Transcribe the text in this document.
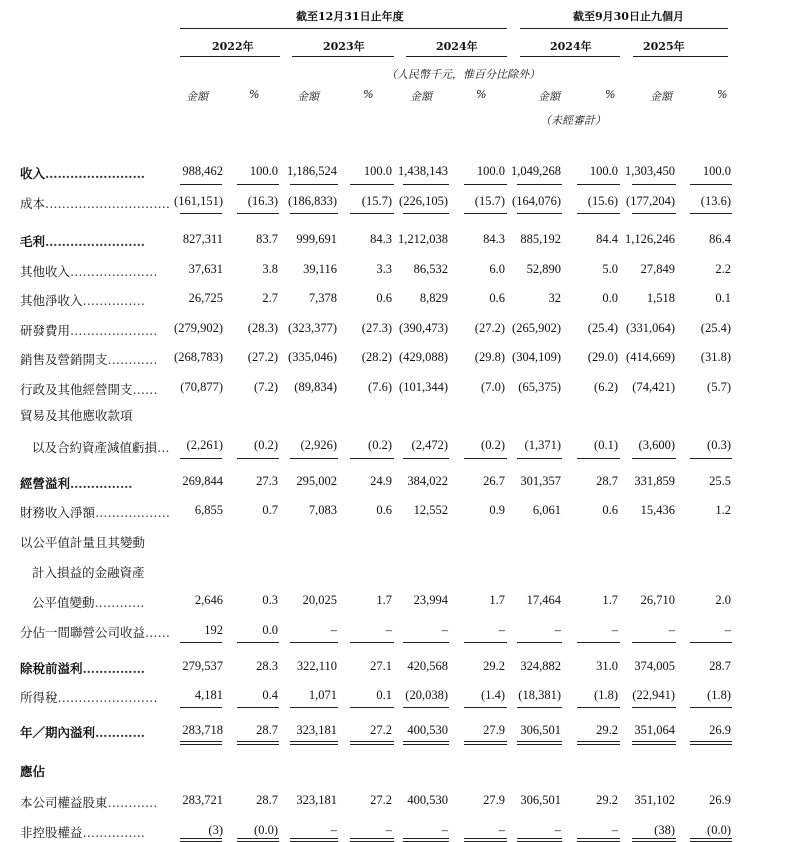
截至12月31日止年度	截至9月30日止九個月
2022年	2023年	2024年	2024年	2025年
（人民幣千元，惟百分比除外）
金額	%	金額	%	金額	%	金額	%	金額	%
（未經審計）
收入……………………	988,462 100.0 1,186,524 100.0 1,438,143 100.0 1,049,268 100.0 1,303,450 100.0
成本………………………… (161,151) (16.3) (186,833) (15.7) (226,105) (15.7) (164,076) (15.6) (177,204) (13.6)
毛利……………………	827,311	83.7 999,691	84.3 1,212,038	84.3 885,192	84.4 1,126,246	86.4
其他收入………………… 37,631	3.8 39,116	3.3 86,532	6.0 52,890	5.0 27,849	2.2
其他淨收入……………	26,725	2.7 7,378	0.6 8,829	0.6	32	0.0 1,518	0.1
研發費用………………… (279,902) (28.3) (323,377) (27.3) (390,473) (27.2) (265,902) (25.4) (331,064) (25.4)
銷售及營銷開支………… (268,783) (27.2) (335,046) (28.2) (429,088) (29.8) (304,109) (29.0) (414,669) (31.8)
行政及其他經營開支…… (70,877) (7.2) (89,834) (7.6) (101,344)	(7.0) (65,375)	(6.2) (74,421)	(5.7)
貿易及其他應收款項
以及合約資產減值虧損… (2,261) (0.2) (2,926) (0.2) (2,472)	(0.2) (1,371)	(0.1) (3,600)	(0.3)
經營溢利……………	269,844	27.3 295,002	24.9 384,022	26.7 301,357	28.7 331,859	25.5
財務收入淨額……………… 6,855	0.7 7,083	0.6 12,552	0.9 6,061	0.6 15,436	1.2
以公平值計量且其變動
計入損益的金融資產
公平值變動…………	2,646	0.3 20,025	1.7 23,994	1.7 17,464	1.7 26,710	2.0
分佔一間聯營公司收益……	192	0.0	–	–	–	–	–	–	–	–
除稅前溢利……………	279,537	28.3 322,110	27.1 420,568	29.2 324,882	31.0 374,005	28.7
所得稅……………………	4,181	0.4 1,071	0.1 (20,038)	(1.4) (18,381)	(1.8) (22,941)	(1.8)
年／期內溢利…………	283,718	28.7 323,181	27.2 400,530	27.9 306,501	29.2 351,064	26.9
應佔
本公司權益股東………… 283,721	28.7 323,181	27.2 400,530	27.9 306,501	29.2 351,102	26.9
非控股權益……………	(3) (0.0)	–	–	–	–	–	–	(38)	(0.0)
